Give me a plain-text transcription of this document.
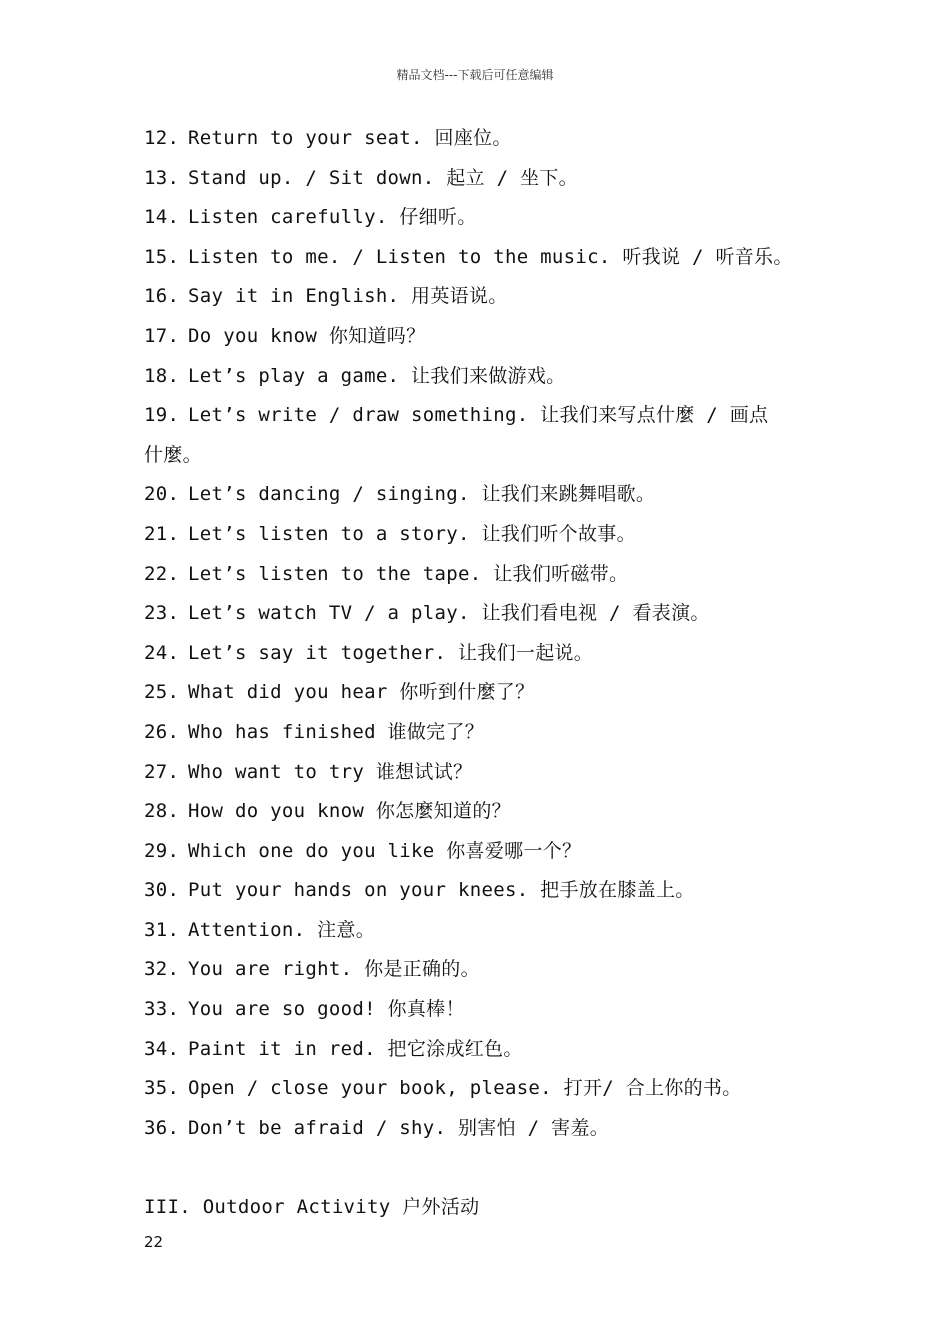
精品文档---下载后可任意编辑
12. Return to your seat. 回座位。
13. Stand up. / Sit down. 起立 / 坐下。
14. Listen carefully. 仔细听。
15. Listen to me. / Listen to the music. 听我说 / 听音乐。
16. Say it in English. 用英语说。
17. Do you know 你知道吗？
18. Let’s play a game. 让我们来做游戏。
19. Let’s write / draw something. 让我们来写点什麼 / 画点
什麼。
20. Let’s dancing / singing. 让我们来跳舞唱歌。
21. Let’s listen to a story. 让我们听个故事。
22. Let’s listen to the tape. 让我们听磁带。
23. Let’s watch TV / a play. 让我们看电视 / 看表演。
24. Let’s say it together. 让我们一起说。
25. What did you hear 你听到什麼了？
26. Who has finished 谁做完了？
27. Who want to try 谁想试试？
28. How do you know 你怎麼知道的？
29. Which one do you like 你喜爱哪一个？
30. Put your hands on your knees. 把手放在膝盖上。
31. Attention. 注意。
32. You are right. 你是正确的。
33. You are so good! 你真棒！
34. Paint it in red. 把它涂成红色。
35. Open / close your book, please. 打开/ 合上你的书。
36. Don’t be afraid / shy. 别害怕 / 害羞。
III. Outdoor Activity 户外活动
22
